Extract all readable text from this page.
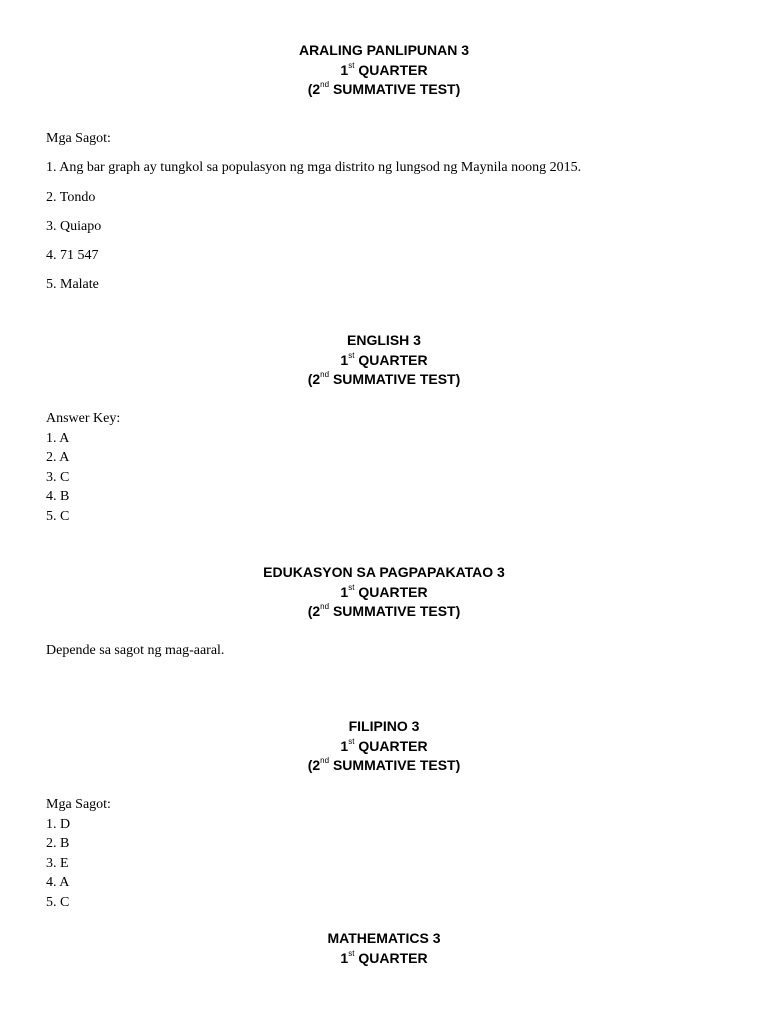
ARALING PANLIPUNAN 3
1st QUARTER
(2nd SUMMATIVE TEST)
Mga Sagot:
1. Ang bar graph ay tungkol sa populasyon ng mga distrito ng lungsod ng Maynila noong 2015.
2. Tondo
3. Quiapo
4. 71 547
5. Malate
ENGLISH 3
1st QUARTER
(2nd SUMMATIVE TEST)
Answer Key:
1. A
2. A
3. C
4. B
5. C
EDUKASYON SA PAGPAPAKATAO 3
1st QUARTER
(2nd SUMMATIVE TEST)
Depende sa sagot ng mag-aaral.
FILIPINO 3
1st QUARTER
(2nd SUMMATIVE TEST)
Mga Sagot:
1. D
2. B
3. E
4. A
5. C
MATHEMATICS 3
1st QUARTER
